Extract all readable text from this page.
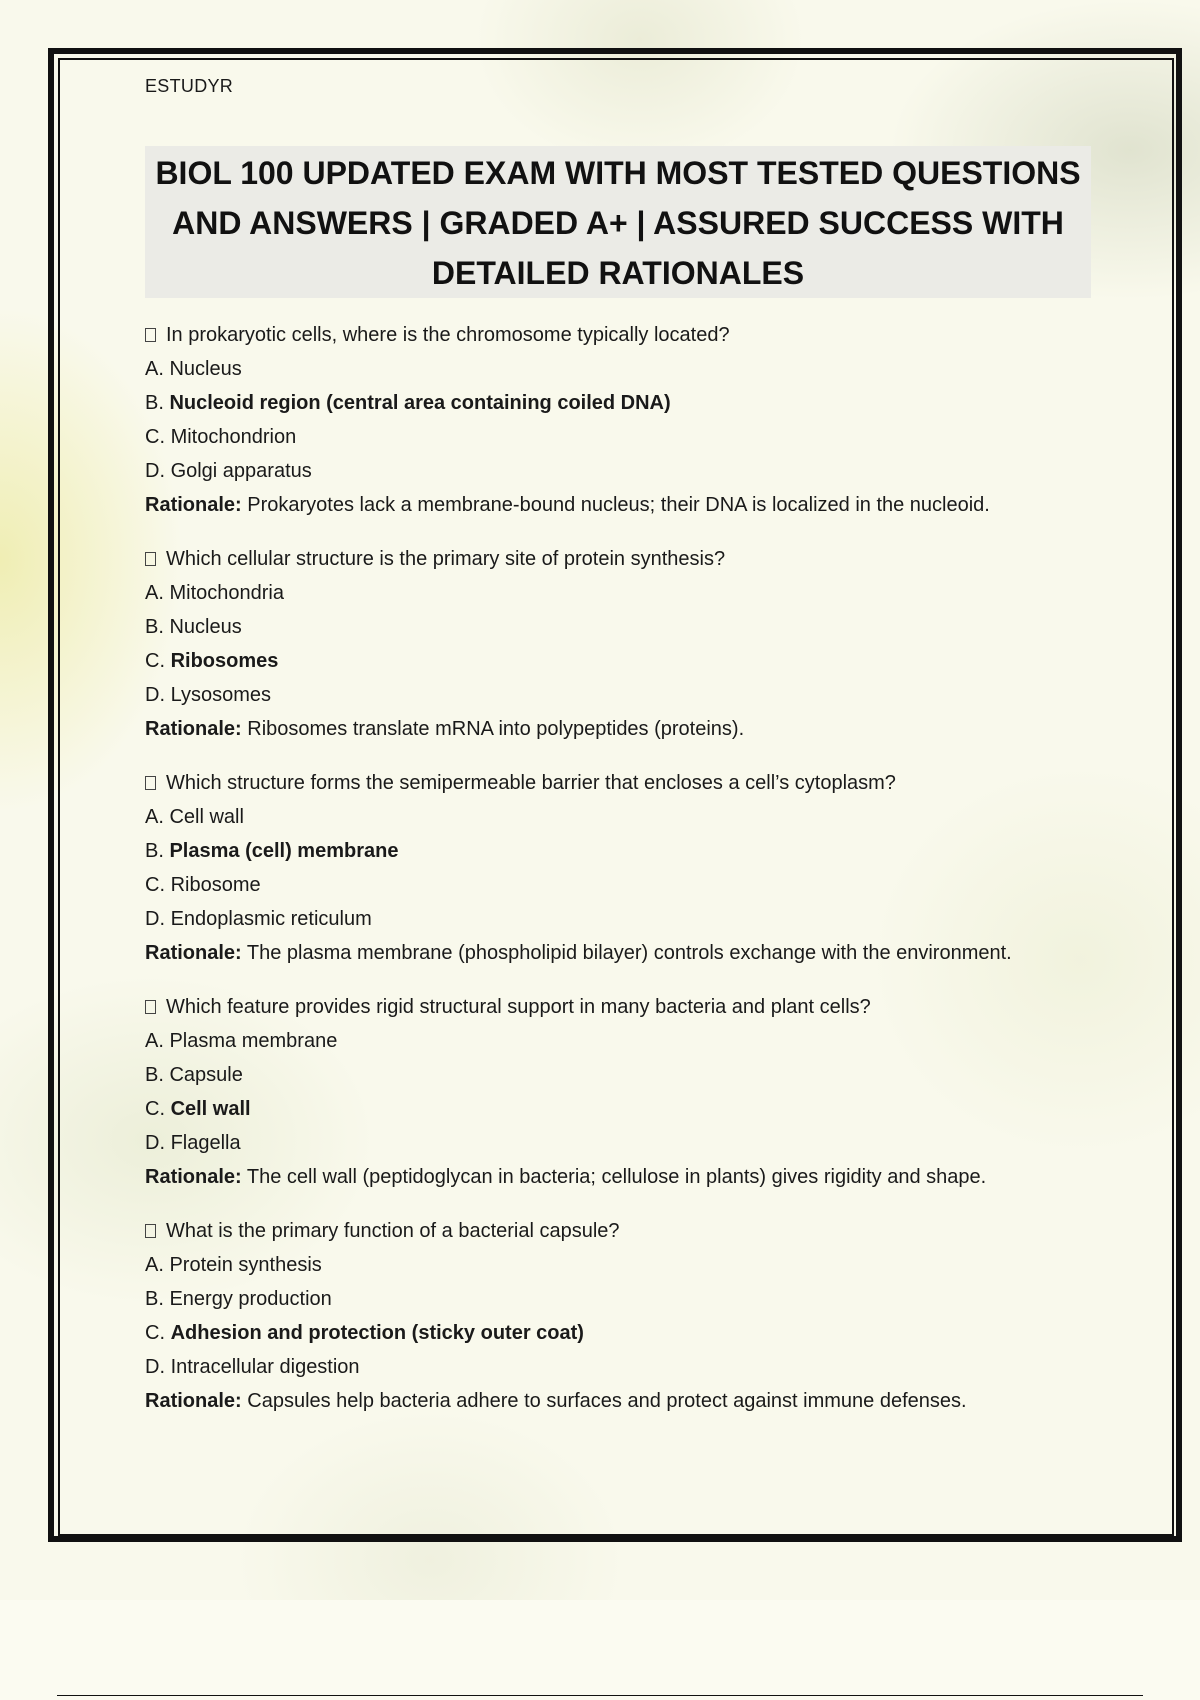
ESTUDYR
BIOL 100 UPDATED EXAM WITH MOST TESTED QUESTIONS
AND ANSWERS | GRADED A+ | ASSURED SUCCESS WITH
DETAILED RATIONALES
In prokaryotic cells, where is the chromosome typically located?
A. Nucleus
B. Nucleoid region (central area containing coiled DNA)
C. Mitochondrion
D. Golgi apparatus
Rationale: Prokaryotes lack a membrane-bound nucleus; their DNA is localized in the nucleoid.
Which cellular structure is the primary site of protein synthesis?
A. Mitochondria
B. Nucleus
C. Ribosomes
D. Lysosomes
Rationale: Ribosomes translate mRNA into polypeptides (proteins).
Which structure forms the semipermeable barrier that encloses a cell’s cytoplasm?
A. Cell wall
B. Plasma (cell) membrane
C. Ribosome
D. Endoplasmic reticulum
Rationale: The plasma membrane (phospholipid bilayer) controls exchange with the environment.
Which feature provides rigid structural support in many bacteria and plant cells?
A. Plasma membrane
B. Capsule
C. Cell wall
D. Flagella
Rationale: The cell wall (peptidoglycan in bacteria; cellulose in plants) gives rigidity and shape.
What is the primary function of a bacterial capsule?
A. Protein synthesis
B. Energy production
C. Adhesion and protection (sticky outer coat)
D. Intracellular digestion
Rationale: Capsules help bacteria adhere to surfaces and protect against immune defenses.
